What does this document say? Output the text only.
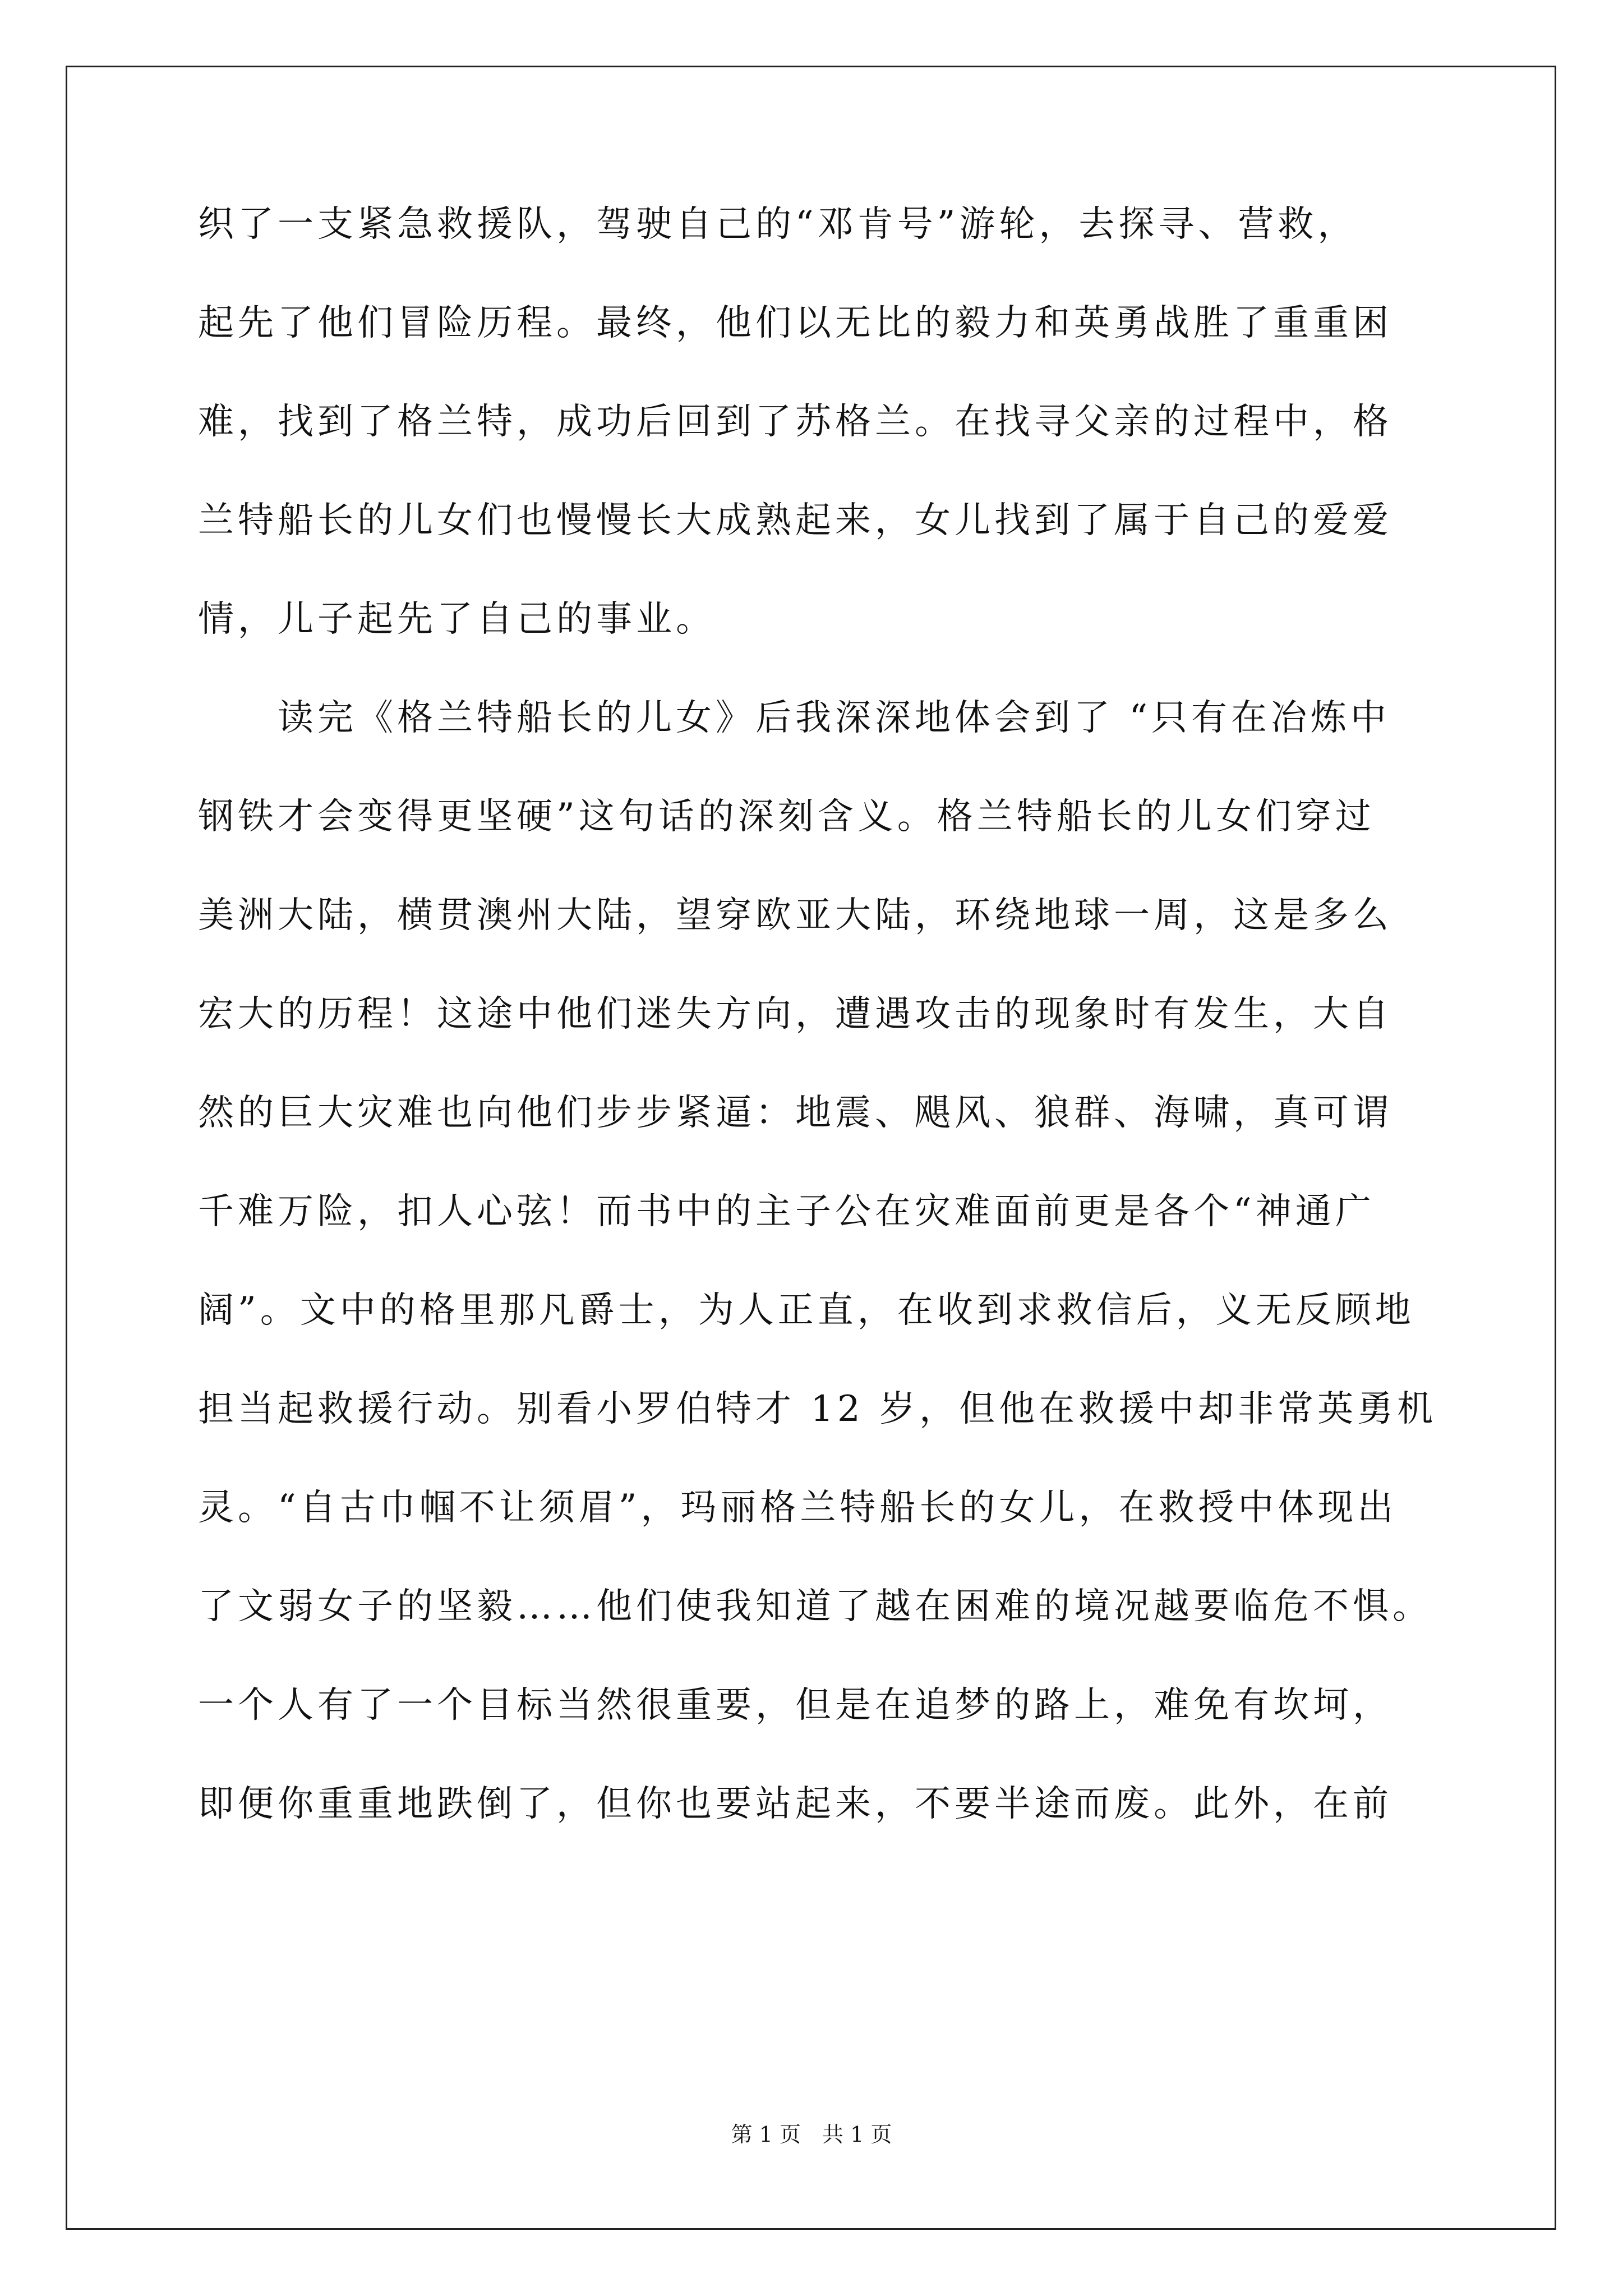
织了一支紧急救援队，驾驶自己的“邓肯号”游轮，去探寻、营救，
起先了他们冒险历程。最终，他们以无比的毅力和英勇战胜了重重困
难，找到了格兰特，成功后回到了苏格兰。在找寻父亲的过程中，格
兰特船长的儿女们也慢慢长大成熟起来，女儿找到了属于自己的爱爱
情，儿子起先了自己的事业。
　　读完《格兰特船长的儿女》后我深深地体会到了 “只有在冶炼中
钢铁才会变得更坚硬”这句话的深刻含义。格兰特船长的儿女们穿过
美洲大陆，横贯澳州大陆，望穿欧亚大陆，环绕地球一周，这是多么
宏大的历程！这途中他们迷失方向，遭遇攻击的现象时有发生，大自
然的巨大灾难也向他们步步紧逼：地震、飓风、狼群、海啸，真可谓
千难万险，扣人心弦！而书中的主子公在灾难面前更是各个“神通广
阔”。文中的格里那凡爵士，为人正直，在收到求救信后，义无反顾地
担当起救援行动。别看小罗伯特才 12 岁，但他在救援中却非常英勇机
灵。“自古巾帼不让须眉”，玛丽格兰特船长的女儿，在救授中体现出
了文弱女子的坚毅……他们使我知道了越在困难的境况越要临危不惧。
一个人有了一个目标当然很重要，但是在追梦的路上，难免有坎坷，
即便你重重地跌倒了，但你也要站起来，不要半途而废。此外，在前
第 1 页　共 1 页
